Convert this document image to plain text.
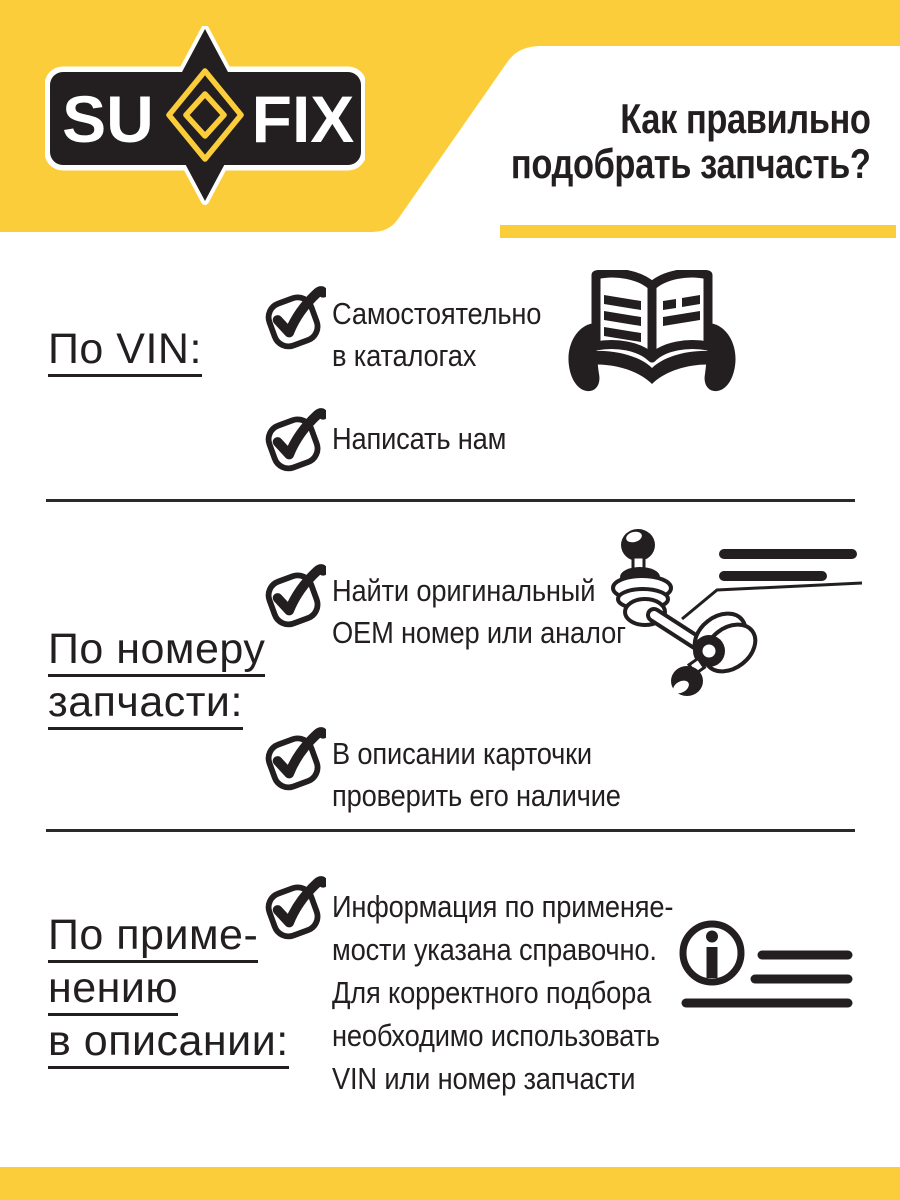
SU FIX	Как правильно
подобрать запчасть?
По VIN:
Самостоятельно
в каталогах
Написать нам
По номеру
запчасти:
Найти оригинальный
OEM номер или аналог
В описании карточки
проверить его наличие
По приме-
нению
в описании:
Информация по применяе-
мости указана справочно.
Для корректного подбора
необходимо использовать
VIN или номер запчасти
